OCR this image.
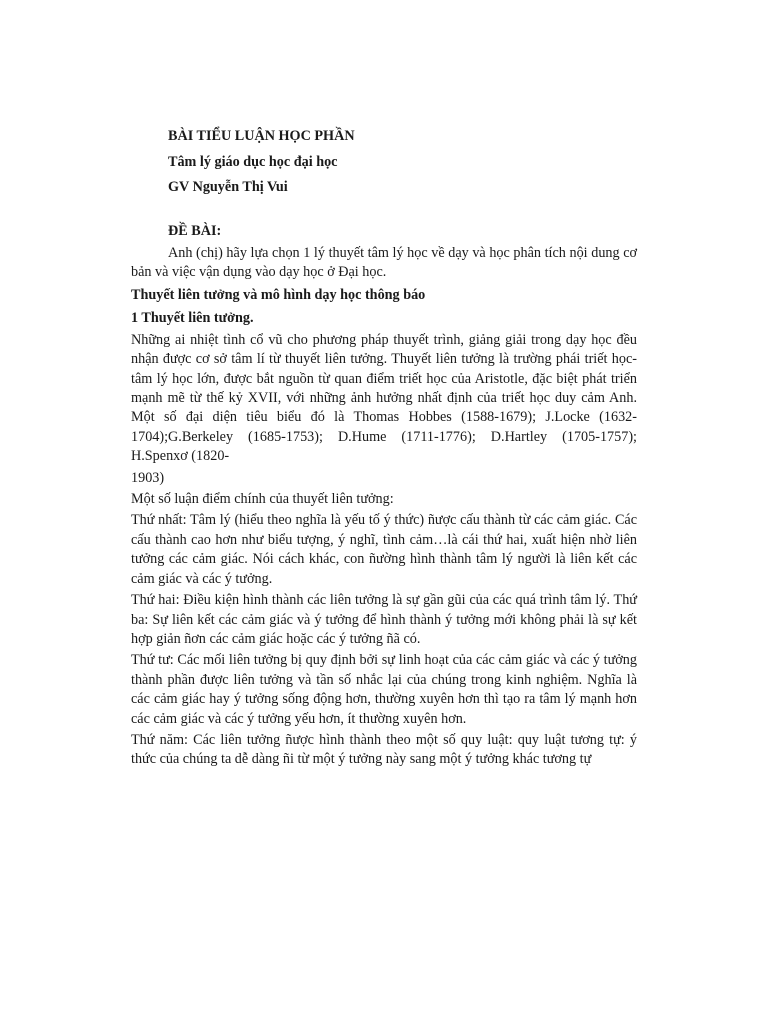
BÀI TIỂU LUẬN HỌC PHẦN

Tâm lý giáo dục học đại học

GV Nguyễn Thị Vui

ĐỀ BÀI:

Anh (chị) hãy lựa chọn 1 lý thuyết tâm lý học về dạy và học phân tích nội dung cơ bản và việc vận dụng vào dạy học ở Đại học.

Thuyết liên tưởng và mô hình dạy học thông báo

1 Thuyết liên tưởng.

Những ai nhiệt tình cổ vũ cho phương pháp thuyết trình, giảng giải trong dạy học đều nhận được cơ sở tâm lí từ thuyết liên tưởng. Thuyết liên tưởng là trường phái triết học-tâm lý học lớn, được bắt nguồn từ quan điểm triết học của Aristotle, đặc biệt phát triển mạnh mẽ từ thế kỷ XVII, với những ảnh hưởng nhất định của triết học duy cảm Anh. Một số đại diện tiêu biểu đó là Thomas Hobbes (1588-1679); J.Locke (1632-1704);G.Berkeley (1685-1753); D.Hume (1711-1776); D.Hartley (1705-1757); H.Spenxơ (1820-

1903)

Một số luận điểm chính của thuyết liên tưởng:

Thứ nhất: Tâm lý (hiểu theo nghĩa là yếu tố ý thức) ñược cấu thành từ các cảm giác. Các cấu thành cao hơn như biểu tượng, ý nghĩ, tình cảm…là cái thứ hai, xuất hiện nhờ liên tưởng các cảm giác. Nói cách khác, con ñường hình thành tâm lý người là liên kết các cảm giác và các ý tưởng.

Thứ hai: Điều kiện hình thành các liên tưởng là sự gần gũi của các quá trình tâm lý. Thứ ba: Sự liên kết các cảm giác và ý tưởng để hình thành ý tưởng mới không phải là sự kết hợp giản ñơn các cảm giác hoặc các ý tưởng ñã có.

Thứ tư: Các mối liên tưởng bị quy định bởi sự linh hoạt của các cảm giác và các ý tưởng thành phần được liên tưởng và tần số nhắc lại của chúng trong kinh nghiệm. Nghĩa là các cảm giác hay ý tưởng sống động hơn, thường xuyên hơn thì tạo ra tâm lý mạnh hơn các cảm giác và các ý tưởng yếu hơn, ít thường xuyên hơn.

Thứ năm: Các liên tưởng ñược hình thành theo một số quy luật: quy luật tương tự: ý thức của chúng ta dễ dàng ñi từ một ý tưởng này sang một ý tưởng khác tương tự
